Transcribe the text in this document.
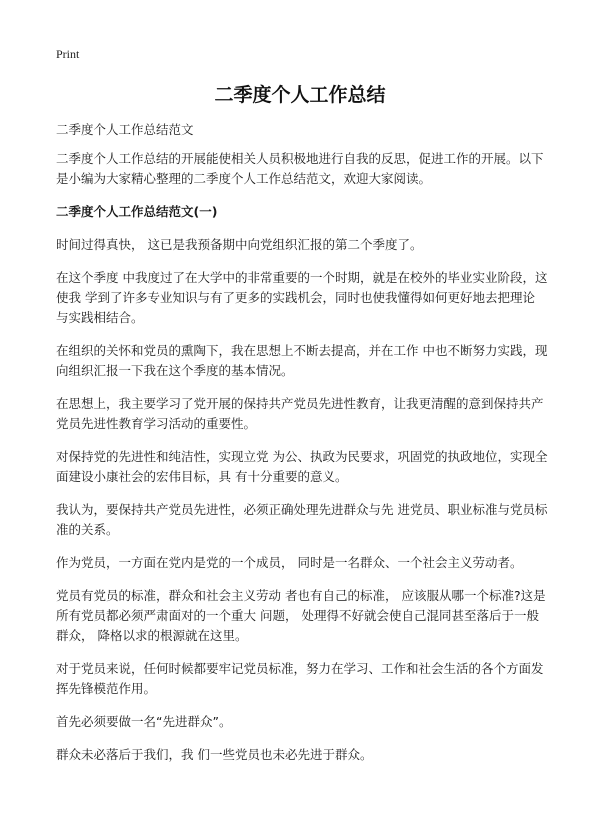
Print
二季度个人工作总结

二季度个人工作总结范文

二季度个人工作总结的开展能使相关人员积极地进行自我的反思，促进工作的开展。以下是小编为大家精心整理的二季度个人工作总结范文，欢迎大家阅读。

二季度个人工作总结范文(一)

时间过得真快， 这已是我预备期中向党组织汇报的第二个季度了。

在这个季度 中我度过了在大学中的非常重要的一个时期，就是在校外的毕业实业阶段，这使我 学到了许多专业知识与有了更多的实践机会，同时也使我懂得如何更好地去把理论 与实践相结合。

在组织的关怀和党员的熏陶下，我在思想上不断去提高，并在工作 中也不断努力实践，现向组织汇报一下我在这个季度的基本情况。

在思想上，我主要学习了党开展的保持共产党员先进性教育，让我更清醒的意到保持共产党员先进性教育学习活动的重要性。

对保持党的先进性和纯洁性，实现立党 为公、执政为民要求，巩固党的执政地位，实现全面建设小康社会的宏伟目标，具 有十分重要的意义。

我认为，要保持共产党员先进性，必须正确处理先进群众与先 进党员、职业标准与党员标准的关系。

作为党员，一方面在党内是党的一个成员， 同时是一名群众、一个社会主义劳动者。

党员有党员的标准，群众和社会主义劳动 者也有自己的标准， 应该服从哪一个标准?这是所有党员都必须严肃面对的一个重大 问题， 处理得不好就会使自己混同甚至落后于一般群众， 降格以求的根源就在这里。

对于党员来说，任何时候都要牢记党员标准，努力在学习、工作和社会生活的各个方面发挥先锋模范作用。

首先必须要做一名“先进群众”。

群众未必落后于我们，我 们一些党员也未必先进于群众。
